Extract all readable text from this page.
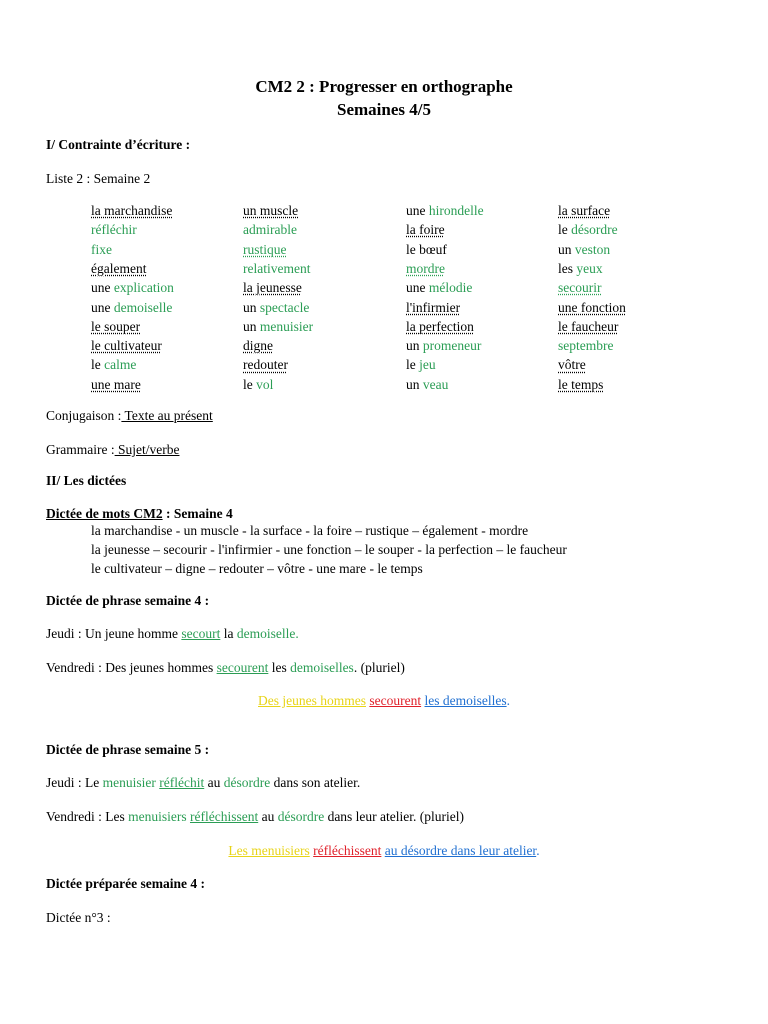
CM2 2 : Progresser en orthographe
Semaines 4/5
I/ Contrainte d’écriture :
Liste 2 : Semaine 2
la marchandise
réfléchir
fixe
également
une explication
une demoiselle
le souper
le cultivateur
le calme
une mare
un muscle
admirable
rustique
relativement
la jeunesse
un spectacle
un menuisier
digne
redouter
le vol
une hirondelle
la foire
le bœuf
mordre
une mélodie
l'infirmier
la perfection
un promeneur
le jeu
un veau
la surface
le désordre
un veston
les yeux
secourir
une fonction
le faucheur
septembre
vôtre
le temps
Conjugaison : Texte au présent
Grammaire : Sujet/verbe
II/ Les dictées
Dictée de mots CM2 : Semaine 4
la marchandise - un muscle - la surface - la foire – rustique – également - mordre
la jeunesse – secourir - l'infirmier - une fonction – le souper - la perfection – le faucheur
le cultivateur – digne – redouter – vôtre - une mare - le temps
Dictée de phrase semaine 4 :
Jeudi : Un jeune homme secourt la demoiselle.
Vendredi : Des jeunes hommes secourent les demoiselles. (pluriel)
Des jeunes hommes secourent les demoiselles.
Dictée de phrase semaine 5 :
Jeudi : Le menuisier réfléchit au désordre dans son atelier.
Vendredi : Les menuisiers réfléchissent au désordre dans leur atelier. (pluriel)
Les menuisiers réfléchissent au désordre dans leur atelier.
Dictée préparée semaine 4 :
Dictée n°3 :
